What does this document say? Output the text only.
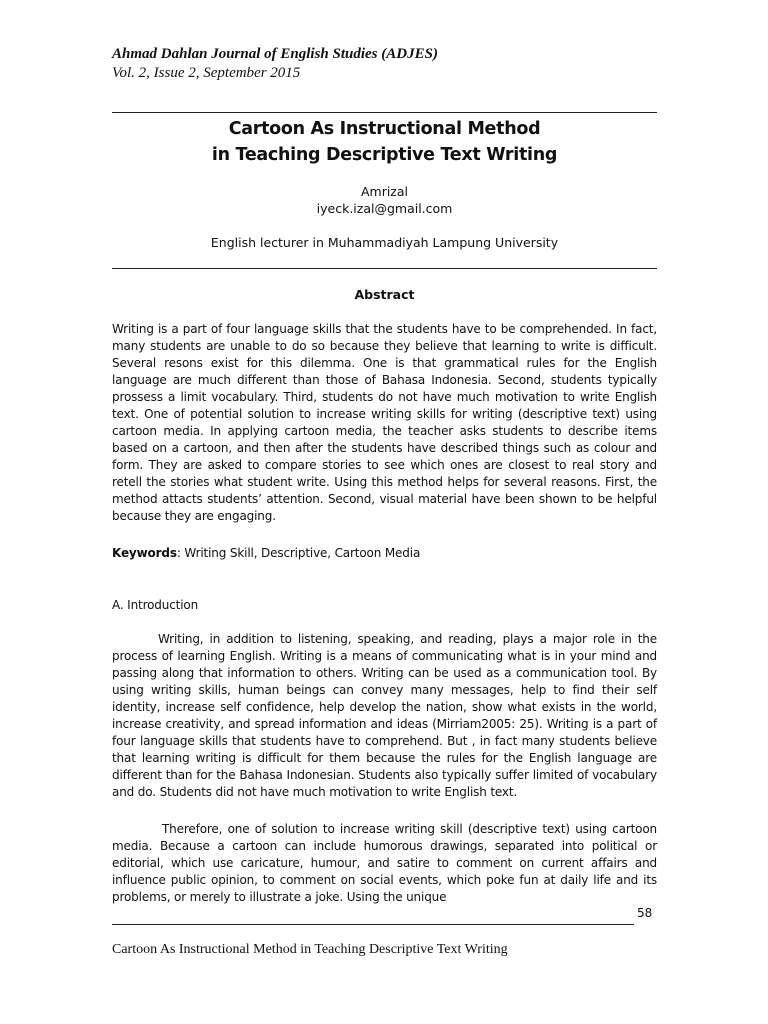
Ahmad Dahlan Journal of English Studies (ADJES)

Vol. 2, Issue 2, September 2015

Cartoon As Instructional Method
in Teaching Descriptive Text Writing

Amrizal

iyeck.izal@gmail.com

English lecturer in Muhammadiyah Lampung University

Abstract

Writing is a part of four language skills that the students have to be comprehended. In fact, many students are unable to do so because they believe that learning to write is difficult. Several resons exist for this dilemma. One is that grammatical rules for the English language are much different than those of Bahasa Indonesia. Second, students typically prossess a limit vocabulary. Third, students do not have much motivation to write English text. One of potential solution to increase writing skills for writing (descriptive text) using cartoon media. In applying cartoon media, the teacher asks students to describe items based on a cartoon, and then after the students have described things such as colour and form. They are asked to compare stories to see which ones are closest to real story and retell the stories what student write. Using this method helps for several reasons. First, the method attacts students’ attention. Second, visual material have been shown to be helpful because they are engaging.

Keywords: Writing Skill, Descriptive, Cartoon Media

A. Introduction

Writing, in addition to listening, speaking, and reading, plays a major role in the process of learning English. Writing is a means of communicating what is in your mind and passing along that information to others. Writing can be used as a communication tool. By using writing skills, human beings can convey many messages, help to find their self identity, increase self confidence, help develop the nation, show what exists in the world, increase creativity, and spread information and ideas (Mirriam2005: 25). Writing is a part of four language skills that students have to comprehend. But , in fact many students believe that learning writing is difficult for them because the rules for the English language are different than for the Bahasa Indonesian. Students also typically suffer limited of vocabulary and do. Students did not have much motivation to write English text.

Therefore, one of solution to increase writing skill (descriptive text) using cartoon media. Because a cartoon can include humorous drawings, separated into political or editorial, which use caricature, humour, and satire to comment on current affairs and influence public opinion, to comment on social events, which poke fun at daily life and its problems, or merely to illustrate a joke. Using the unique

58

Cartoon As Instructional Method in Teaching Descriptive Text Writing
